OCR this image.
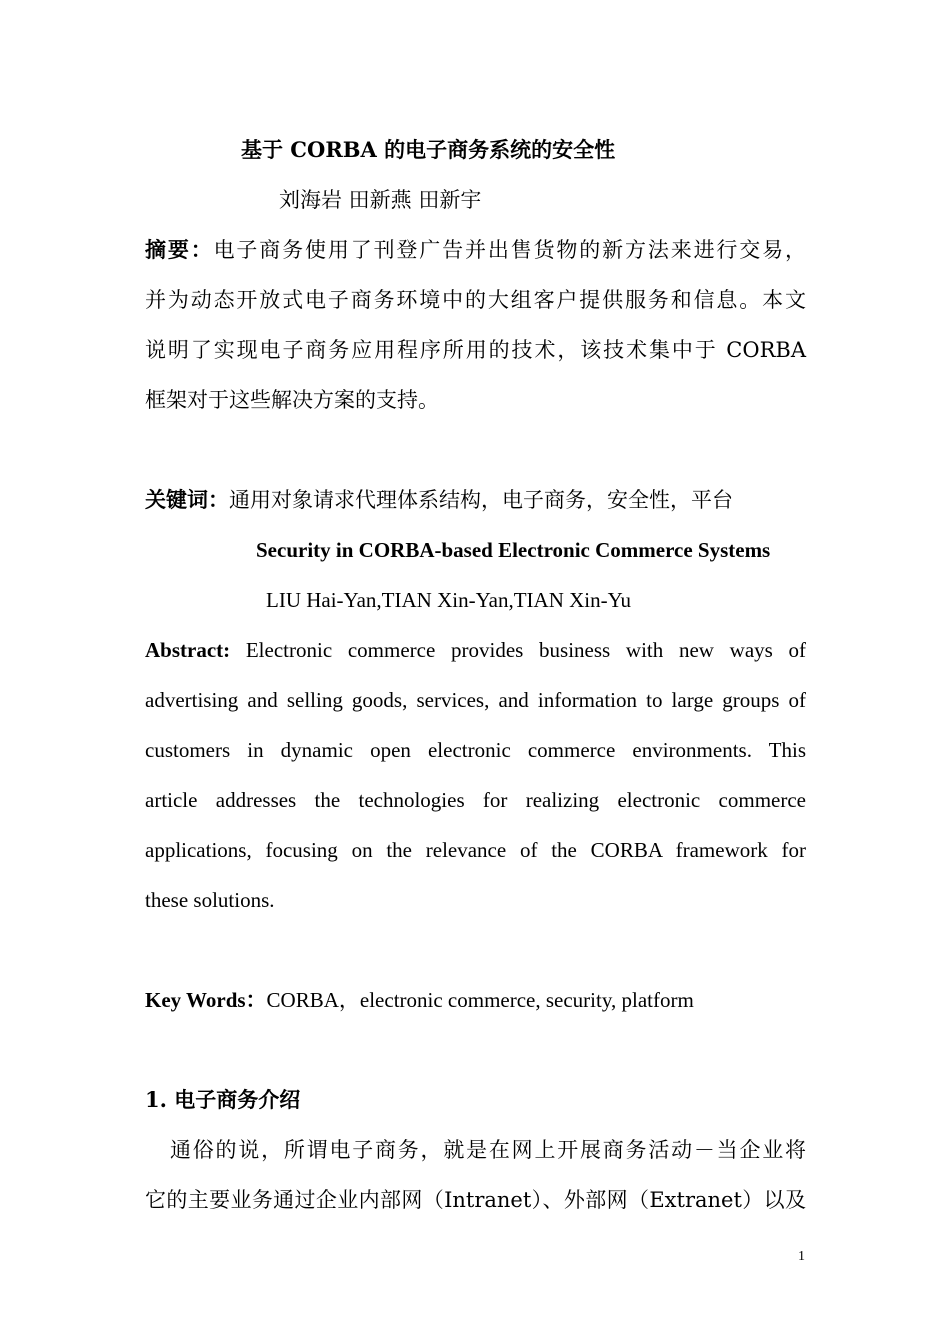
基于 CORBA 的电子商务系统的安全性
刘海岩 田新燕 田新宇
摘要：电子商务使用了刊登广告并出售货物的新方法来进行交易，
并为动态开放式电子商务环境中的大组客户提供服务和信息。本文
说明了实现电子商务应用程序所用的技术，该技术集中于 CORBA
框架对于这些解决方案的支持。
关键词：通用对象请求代理体系结构，电子商务，安全性，平台
Security in CORBA-based Electronic Commerce Systems
LIU Hai-Yan,TIAN Xin-Yan,TIAN Xin-Yu
Abstract: Electronic commerce provides business with new ways of
advertising and selling goods, services, and information to large groups of
customers in dynamic open electronic commerce environments. This
article addresses the technologies for realizing electronic commerce
applications, focusing on the relevance of the CORBA framework for
these solutions.
Key Words：CORBA，electronic commerce, security, platform
1. 电子商务介绍
通俗的说，所谓电子商务，就是在网上开展商务活动－当企业将
它的主要业务通过企业内部网（Intranet）、外部网（Extranet）以及
1
